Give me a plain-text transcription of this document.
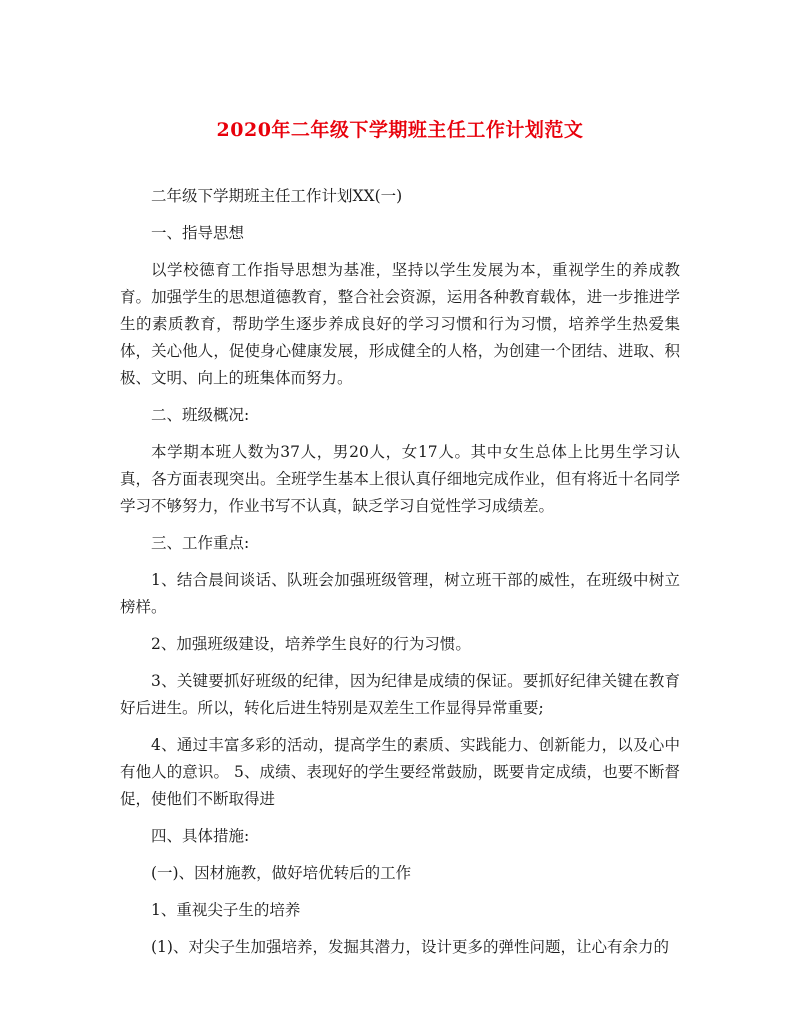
2020年二年级下学期班主任工作计划范文

二年级下学期班主任工作计划XX(一)

一、指导思想

以学校德育工作指导思想为基准，坚持以学生发展为本，重视学生的养成教育。加强学生的思想道德教育，整合社会资源，运用各种教育载体，进一步推进学生的素质教育，帮助学生逐步养成良好的学习习惯和行为习惯，培养学生热爱集体，关心他人，促使身心健康发展，形成健全的人格，为创建一个团结、进取、积极、文明、向上的班集体而努力。

二、班级概况:

本学期本班人数为37人，男20人，女17人。其中女生总体上比男生学习认真，各方面表现突出。全班学生基本上很认真仔细地完成作业，但有将近十名同学学习不够努力，作业书写不认真，缺乏学习自觉性学习成绩差。

三、工作重点:

1、结合晨间谈话、队班会加强班级管理，树立班干部的威性，在班级中树立榜样。

2、加强班级建设，培养学生良好的行为习惯。

3、关键要抓好班级的纪律，因为纪律是成绩的保证。要抓好纪律关键在教育好后进生。所以，转化后进生特别是双差生工作显得异常重要;

4、通过丰富多彩的活动，提高学生的素质、实践能力、创新能力，以及心中有他人的意识。 5、成绩、表现好的学生要经常鼓励，既要肯定成绩，也要不断督促，使他们不断取得进

四、具体措施:

(一)、因材施教，做好培优转后的工作

1、重视尖子生的培养

(1)、对尖子生加强培养，发掘其潜力，设计更多的弹性问题，让心有余力的
